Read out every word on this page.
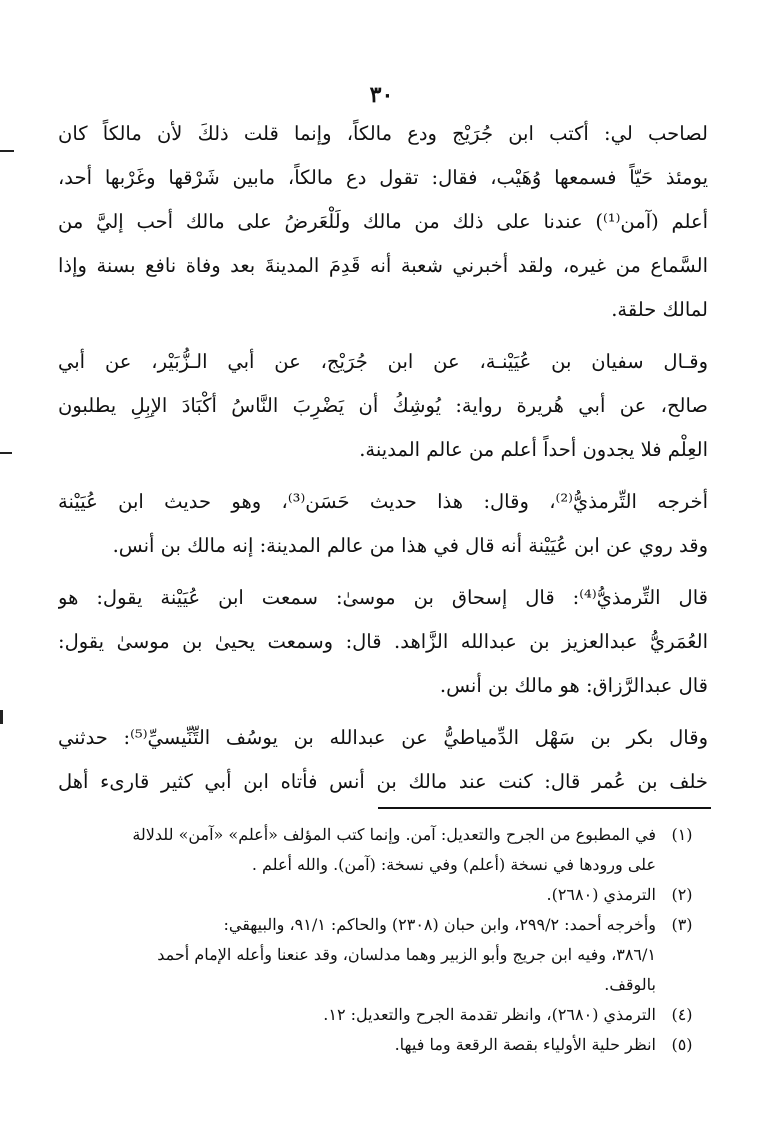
٣٠

لصاحب لي: أكتب ابن جُرَيْج ودع مالكاً، وإنما قلت ذلكَ لأن مالكاً كان
يومئذ حَيّاً فسمعها وُهَيْب، فقال: تقول دع مالكاً، مابين شَرْقها وغَرْبها أحد،
أعلم (آمن⁽¹⁾) عندنا على ذلك من مالك ولَلْعَرضُ على مالك أحب إليَّ من
السَّماع من غيره، ولقد أخبرني شعبة أنه قَدِمَ المدينةَ بعد وفاة نافع بسنة وإذا
لمالك حلقة.

وقـال سفيان بن عُيَيْنـة، عن ابن جُرَيْج، عن أبي الـزُّبَيْر، عن أبي
صالح، عن أبي هُريرة رواية: يُوشِكُ أن يَضْرِبَ النَّاسُ أكْبَادَ الإبِلِ يطلبون
العِلْم فلا يجدون أحداً أعلم من عالم المدينة.

أخرجه التِّرمذيُّ⁽²⁾، وقال: هذا حديث حَسَن⁽³⁾، وهو حديث ابن عُيَيْنة
وقد روي عن ابن عُيَيْنة أنه قال في هذا من عالم المدينة: إنه مالك بن أنس.

قال التِّرمذيُّ⁽⁴⁾: قال إسحاق بن موسىٰ: سمعت ابن عُيَيْنة يقول: هو
العُمَريُّ عبدالعزيز بن عبدالله الزَّاهد. قال: وسمعت يحيىٰ بن موسىٰ يقول:
قال عبدالرَّزاق: هو مالك بن أنس.

وقال بكر بن سَهْل الدِّمياطيُّ عن عبدالله بن يوسُف التِّنِّيسيِّ⁽⁵⁾: حدثني
خلف بن عُمر قال: كنت عند مالك بن أنس فأتاه ابن أبي كثير قارىء أهل

(١)
في المطبوع من الجرح والتعديل: آمن. وإنما كتب المؤلف «أعلم» «آمن» للدلالة
على ورودها في نسخة (أعلم) وفي نسخة: (آمن). والله أعلم .
(٢)
الترمذي (٢٦٨٠).
(٣)
وأخرجه أحمد: ٢٩٩/٢، وابن حبان (٢٣٠٨) والحاكم: ٩١/١، والبيهقي:
٣٨٦/١، وفيه ابن جريج وأبو الزبير وهما مدلسان، وقد عنعنا وأعله الإمام أحمد
بالوقف.
(٤)
الترمذي (٢٦٨٠)، وانظر تقدمة الجرح والتعديل: ١٢.
(٥)
انظر حلية الأولياء بقصة الرقعة وما فيها.
